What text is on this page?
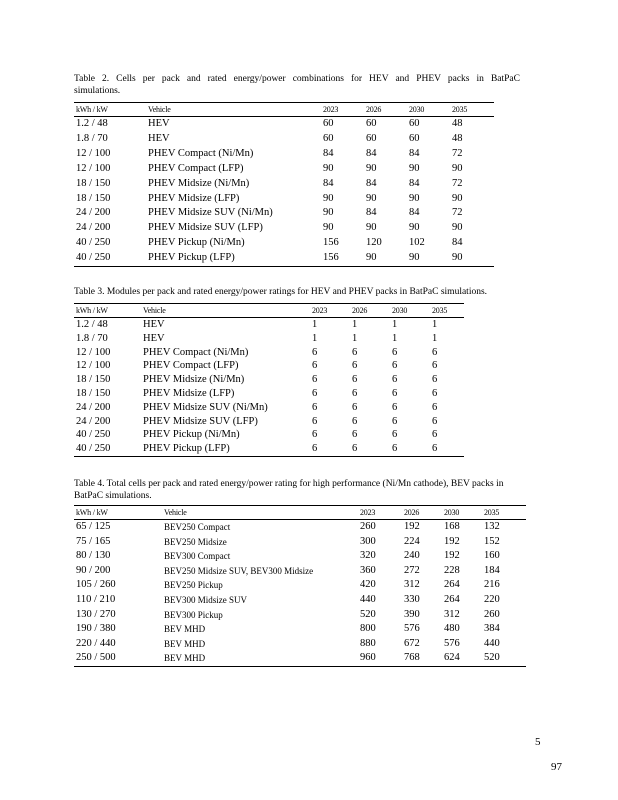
Table 2. Cells per pack and rated energy/power combinations for HEV and PHEV packs in BatPaC simulations.
kWh / kW	Vehicle	2023	2026	2030	2035
1.2 / 48	HEV	60	60	60	48
1.8 / 70	HEV	60	60	60	48
12 / 100	PHEV Compact (Ni/Mn)	84	84	84	72
12 / 100	PHEV Compact (LFP)	90	90	90	90
18 / 150	PHEV Midsize (Ni/Mn)	84	84	84	72
18 / 150	PHEV Midsize (LFP)	90	90	90	90
24 / 200	PHEV Midsize SUV (Ni/Mn)	90	84	84	72
24 / 200	PHEV Midsize SUV (LFP)	90	90	90	90
40 / 250	PHEV Pickup (Ni/Mn)	156	120	102	84
40 / 250	PHEV Pickup (LFP)	156	90	90	90
Table 3. Modules per pack and rated energy/power ratings for HEV and PHEV packs in BatPaC simulations.
kWh / kW	Vehicle	2023	2026	2030	2035
1.2 / 48	HEV	1	1	1	1
1.8 / 70	HEV	1	1	1	1
12 / 100	PHEV Compact (Ni/Mn)	6	6	6	6
12 / 100	PHEV Compact (LFP)	6	6	6	6
18 / 150	PHEV Midsize (Ni/Mn)	6	6	6	6
18 / 150	PHEV Midsize (LFP)	6	6	6	6
24 / 200	PHEV Midsize SUV (Ni/Mn)	6	6	6	6
24 / 200	PHEV Midsize SUV (LFP)	6	6	6	6
40 / 250	PHEV Pickup (Ni/Mn)	6	6	6	6
40 / 250	PHEV Pickup (LFP)	6	6	6	6
Table 4. Total cells per pack and rated energy/power rating for high performance (Ni/Mn cathode), BEV packs in BatPaC simulations.
kWh / kW	Vehicle	2023	2026	2030	2035
65 / 125	BEV250 Compact	260	192	168	132
75 / 165	BEV250 Midsize	300	224	192	152
80 / 130	BEV300 Compact	320	240	192	160
90 / 200	BEV250 Midsize SUV, BEV300 Midsize	360	272	228	184
105 / 260	BEV250 Pickup	420	312	264	216
110 / 210	BEV300 Midsize SUV	440	330	264	220
130 / 270	BEV300 Pickup	520	390	312	260
190 / 380	BEV MHD	800	576	480	384
220 / 440	BEV MHD	880	672	576	440
250 / 500	BEV MHD	960	768	624	520
5
97
